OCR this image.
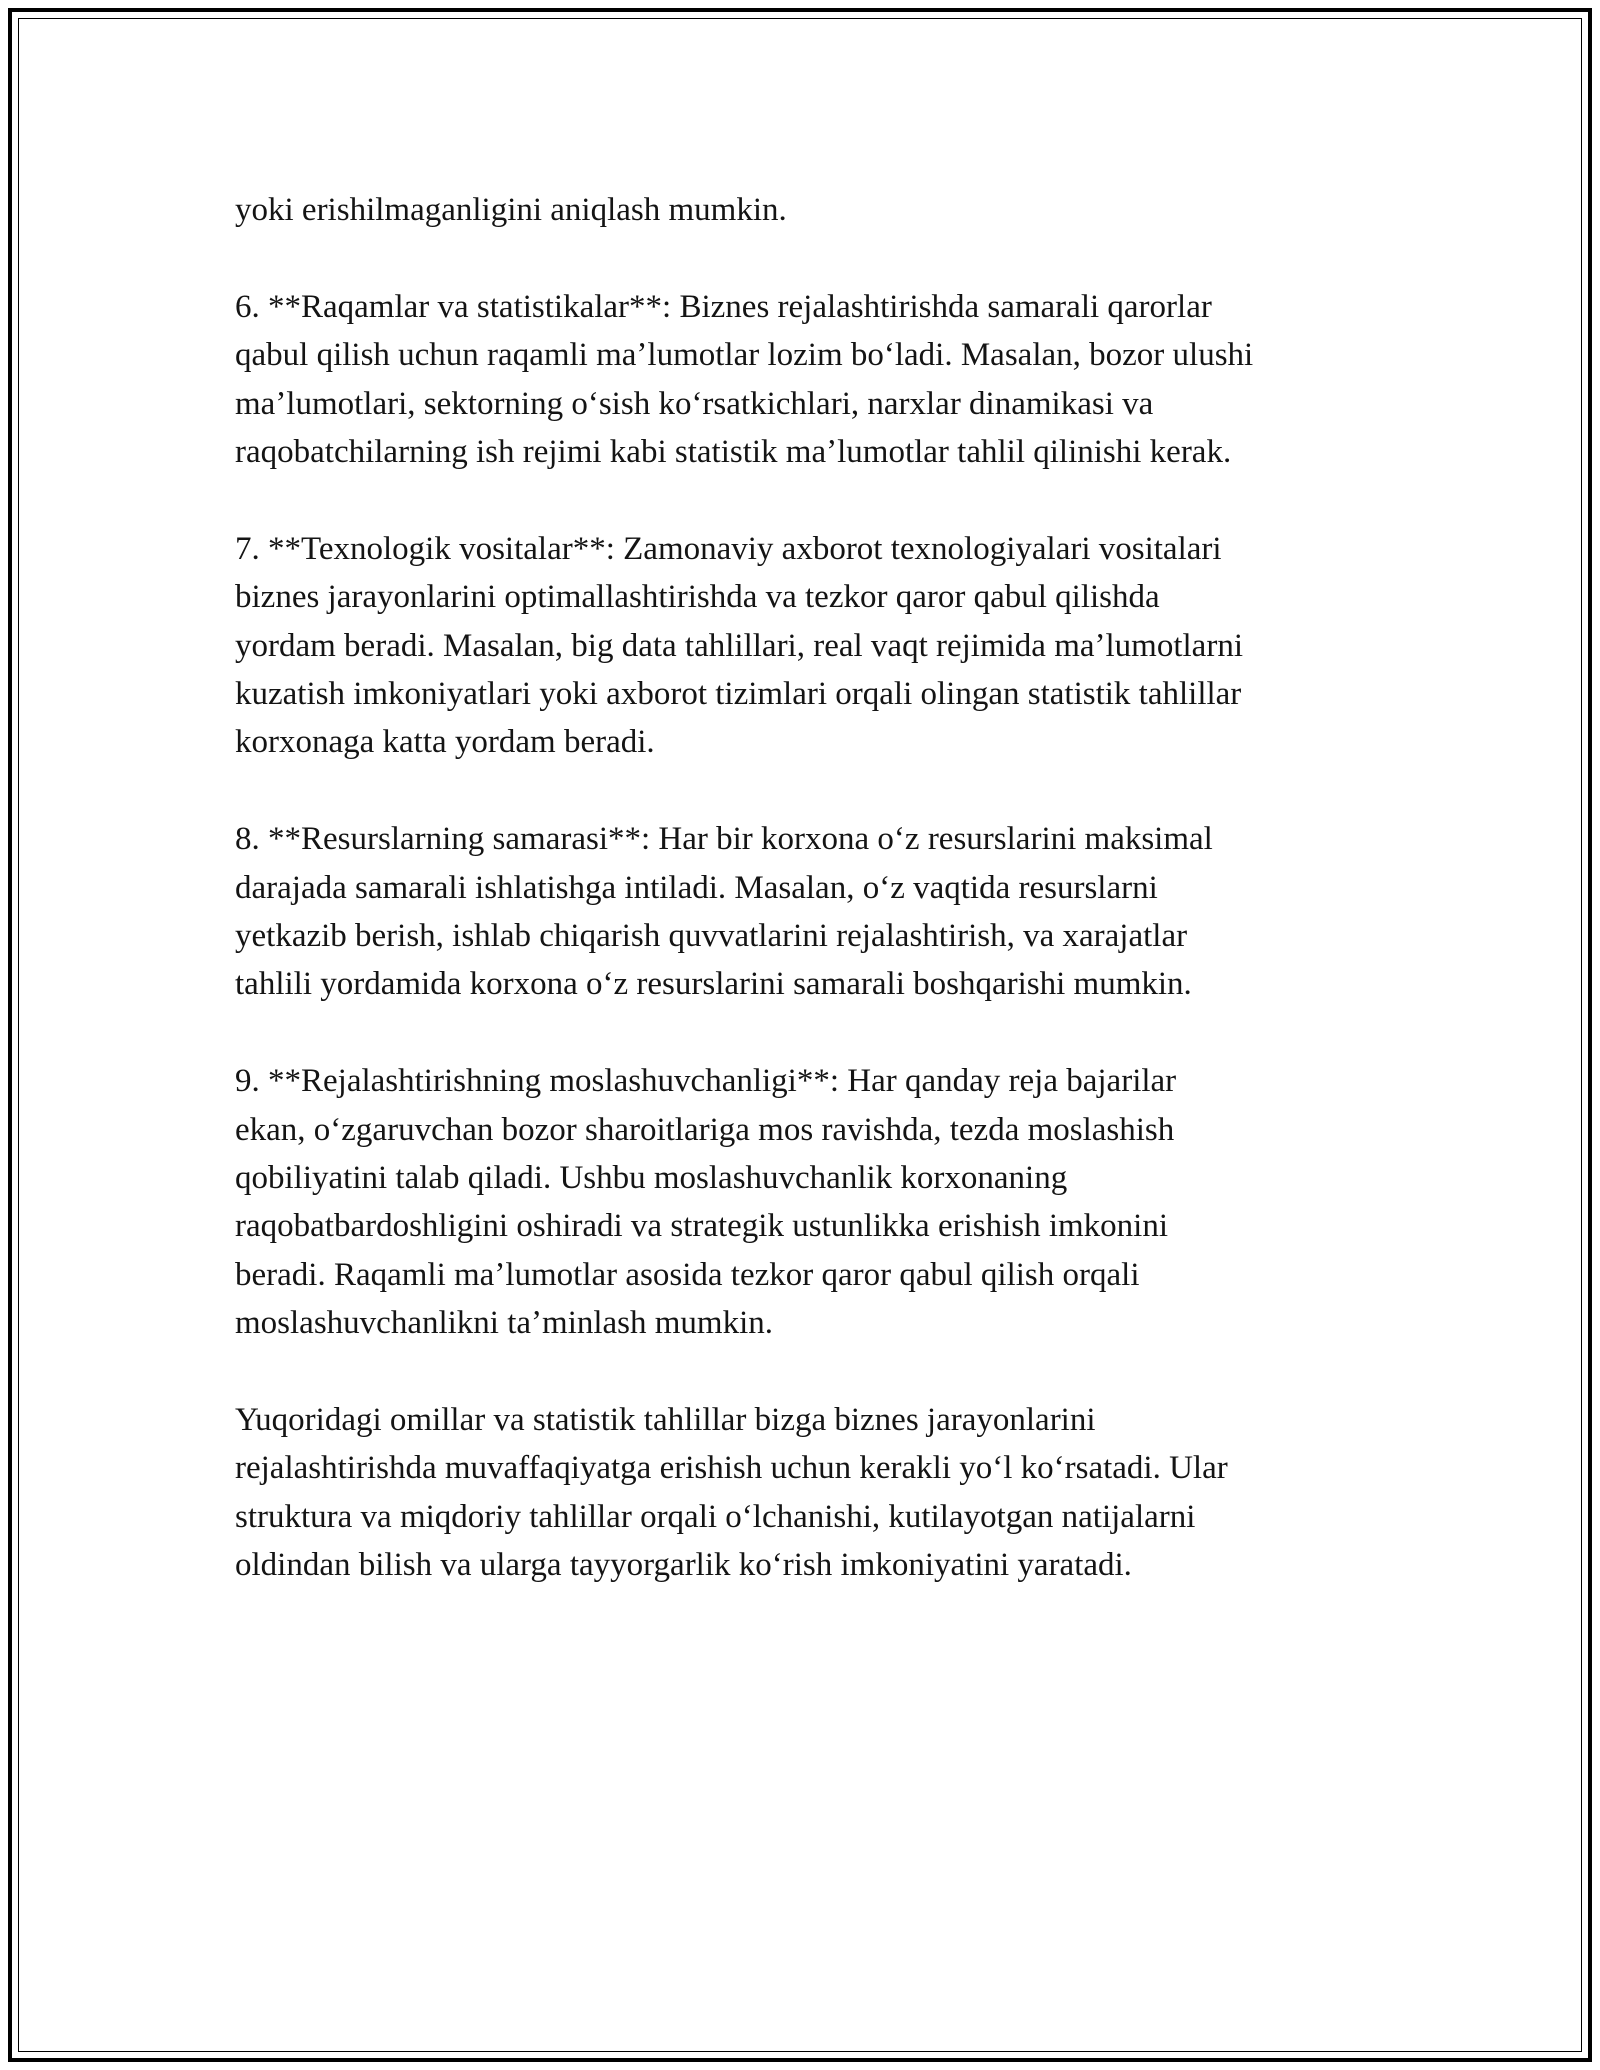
yoki erishilmaganligini aniqlash mumkin.
6. **Raqamlar va statistikalar**: Biznes rejalashtirishda samarali qarorlar
qabul qilish uchun raqamli maʼlumotlar lozim boʻladi. Masalan, bozor ulushi
maʼlumotlari, sektorning oʻsish koʻrsatkichlari, narxlar dinamikasi va
raqobatchilarning ish rejimi kabi statistik maʼlumotlar tahlil qilinishi kerak.
7. **Texnologik vositalar**: Zamonaviy axborot texnologiyalari vositalari
biznes jarayonlarini optimallashtirishda va tezkor qaror qabul qilishda
yordam beradi. Masalan, big data tahlillari, real vaqt rejimida maʼlumotlarni
kuzatish imkoniyatlari yoki axborot tizimlari orqali olingan statistik tahlillar
korxonaga katta yordam beradi.
8. **Resurslarning samarasi**: Har bir korxona oʻz resurslarini maksimal
darajada samarali ishlatishga intiladi. Masalan, oʻz vaqtida resurslarni
yetkazib berish, ishlab chiqarish quvvatlarini rejalashtirish, va xarajatlar
tahlili yordamida korxona oʻz resurslarini samarali boshqarishi mumkin.
9. **Rejalashtirishning moslashuvchanligi**: Har qanday reja bajarilar
ekan, oʻzgaruvchan bozor sharoitlariga mos ravishda, tezda moslashish
qobiliyatini talab qiladi. Ushbu moslashuvchanlik korxonaning
raqobatbardoshligini oshiradi va strategik ustunlikka erishish imkonini
beradi. Raqamli maʼlumotlar asosida tezkor qaror qabul qilish orqali
moslashuvchanlikni taʼminlash mumkin.
Yuqoridagi omillar va statistik tahlillar bizga biznes jarayonlarini
rejalashtirishda muvaffaqiyatga erishish uchun kerakli yoʻl koʻrsatadi. Ular
struktura va miqdoriy tahlillar orqali oʻlchanishi, kutilayotgan natijalarni
oldindan bilish va ularga tayyorgarlik koʻrish imkoniyatini yaratadi.
